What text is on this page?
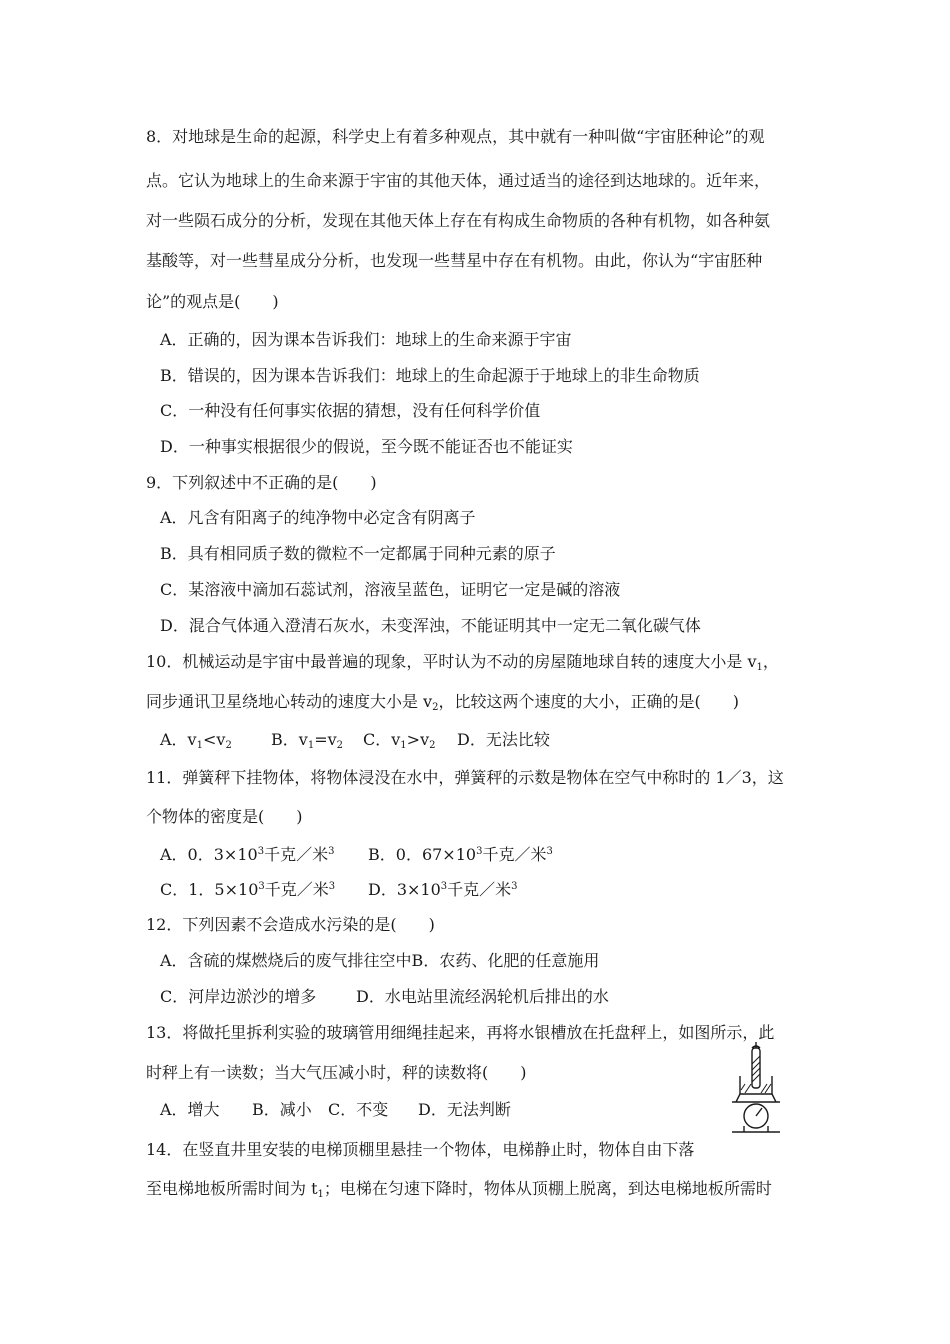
8．对地球是生命的起源，科学史上有着多种观点，其中就有一种叫做“宇宙胚种论”的观
点。它认为地球上的生命来源于宇宙的其他天体，通过适当的途径到达地球的。近年来，
对一些陨石成分的分析，发现在其他天体上存在有构成生命物质的各种有机物，如各种氨
基酸等，对一些彗星成分分析，也发现一些彗星中存在有机物。由此，你认为“宇宙胚种
论”的观点是(　　)
A．正确的，因为课本告诉我们：地球上的生命来源于宇宙
B．错误的，因为课本告诉我们：地球上的生命起源于于地球上的非生命物质
C．一种没有任何事实依据的猜想，没有任何科学价值
D．一种事实根据很少的假说，至今既不能证否也不能证实
9．下列叙述中不正确的是(　　)
A．凡含有阳离子的纯净物中必定含有阴离子
B．具有相同质子数的微粒不一定都属于同种元素的原子
C．某溶液中滴加石蕊试剂，溶液呈蓝色，证明它一定是碱的溶液
D．混合气体通入澄清石灰水，未变浑浊，不能证明其中一定无二氧化碳气体
10．机械运动是宇宙中最普遍的现象，平时认为不动的房屋随地球自转的速度大小是 $v_1$，
同步通讯卫星绕地心转动的速度大小是 $v_2$，比较这两个速度的大小，正确的是(　　)
A．$v_1<v_2$ B．$v_1=v_2$ C．$v_1>v_2$ D．无法比较
11．弹簧秤下挂物体，将物体浸没在水中，弹簧秤的示数是物体在空气中称时的 1／3，这
个物体的密度是(　　)
A．0．$3\times 10^3$千克／米$^3$ B．0．$67\times 10^3$千克／米$^3$
C．1．$5\times 10^3$千克／米$^3$ D．$3\times 10^3$千克／米$^3$
12．下列因素不会造成水污染的是(　　)
A．含硫的煤燃烧后的废气排往空中B．农药、化肥的任意施用
C．河岸边淤沙的增多 D．水电站里流经涡轮机后排出的水
13．将做托里拆利实验的玻璃管用细绳挂起来，再将水银槽放在托盘秤上，如图所示，此
时秤上有一读数；当大气压减小时，秤的读数将(　　)
A．增大 B．减小 C．不变 D．无法判断
14．在竖直井里安装的电梯顶棚里悬挂一个物体，电梯静止时，物体自由下落
至电梯地板所需时间为 $t_1$；电梯在匀速下降时，物体从顶棚上脱离，到达电梯地板所需时
